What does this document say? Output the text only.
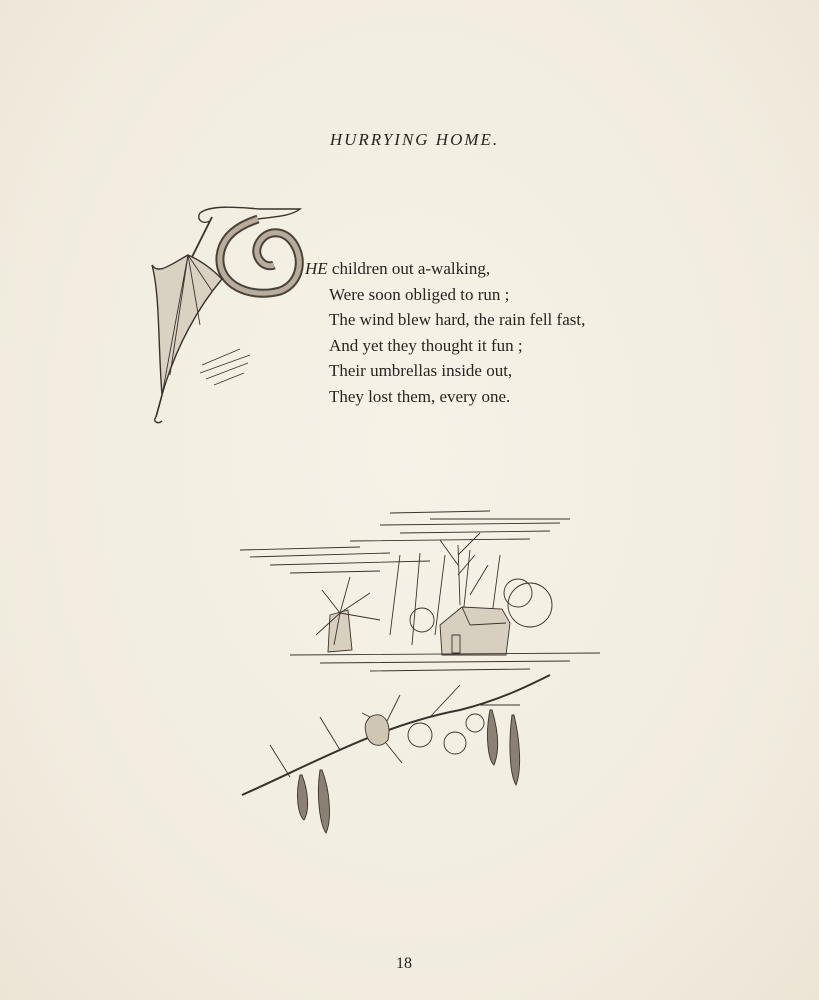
HURRYING HOME.
HE children out a-walking,
Were soon obliged to run ;
The wind blew hard, the rain fell fast,
And yet they thought it fun ;
Their umbrellas inside out,
They lost them, every one.
18
